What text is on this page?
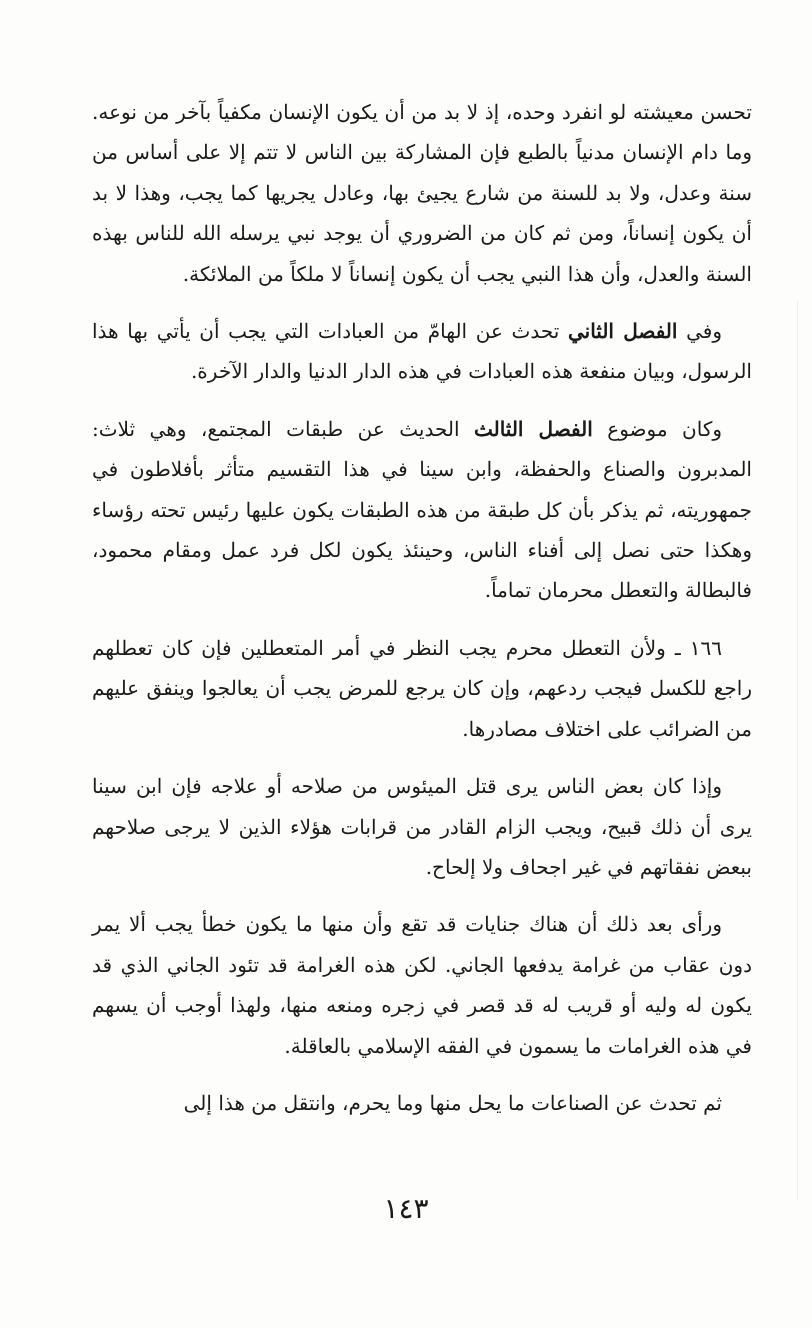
تحسن معيشته لو انفرد وحده، إذ لا بد من أن يكون الإنسان مكفياً بآخر من نوعه. وما دام الإنسان مدنياً بالطبع فإن المشاركة بين الناس لا تتم إلا على أساس من سنة وعدل، ولا بد للسنة من شارع يجيئ بها، وعادل يجريها كما يجب، وهذا لا بد أن يكون إنساناً، ومن ثم كان من الضروري أن يوجد نبي يرسله الله للناس بهذه السنة والعدل، وأن هذا النبي يجب أن يكون إنساناً لا ملكاً من الملائكة.

وفي الفصل الثاني تحدث عن الهامّ من العبادات التي يجب أن يأتي بها هذا الرسول، وبيان منفعة هذه العبادات في هذه الدار الدنيا والدار الآخرة.

وكان موضوع الفصل الثالث الحديث عن طبقات المجتمع، وهي ثلاث: المدبرون والصناع والحفظة، وابن سينا في هذا التقسيم متأثر بأفلاطون في جمهوريته، ثم يذكر بأن كل طبقة من هذه الطبقات يكون عليها رئيس تحته رؤساء وهكذا حتى نصل إلى أفناء الناس، وحينئذ يكون لكل فرد عمل ومقام محمود، فالبطالة والتعطل محرمان تماماً.

١٦٦ ـ ولأن التعطل محرم يجب النظر في أمر المتعطلين فإن كان تعطلهم راجع للكسل فيجب ردعهم، وإن كان يرجع للمرض يجب أن يعالجوا وينفق عليهم من الضرائب على اختلاف مصادرها.

وإذا كان بعض الناس يرى قتل الميئوس من صلاحه أو علاجه فإن ابن سينا يرى أن ذلك قبيح، ويجب الزام القادر من قرابات هؤلاء الذين لا يرجى صلاحهم ببعض نفقاتهم في غير اجحاف ولا إلحاح.

ورأى بعد ذلك أن هناك جنايات قد تقع وأن منها ما يكون خطأ يجب ألا يمر دون عقاب من غرامة يدفعها الجاني. لكن هذه الغرامة قد تئود الجاني الذي قد يكون له وليه أو قريب له قد قصر في زجره ومنعه منها، ولهذا أوجب أن يسهم في هذه الغرامات ما يسمون في الفقه الإسلامي بالعاقلة.

ثم تحدث عن الصناعات ما يحل منها وما يحرم، وانتقل من هذا إلى

١٤٣
